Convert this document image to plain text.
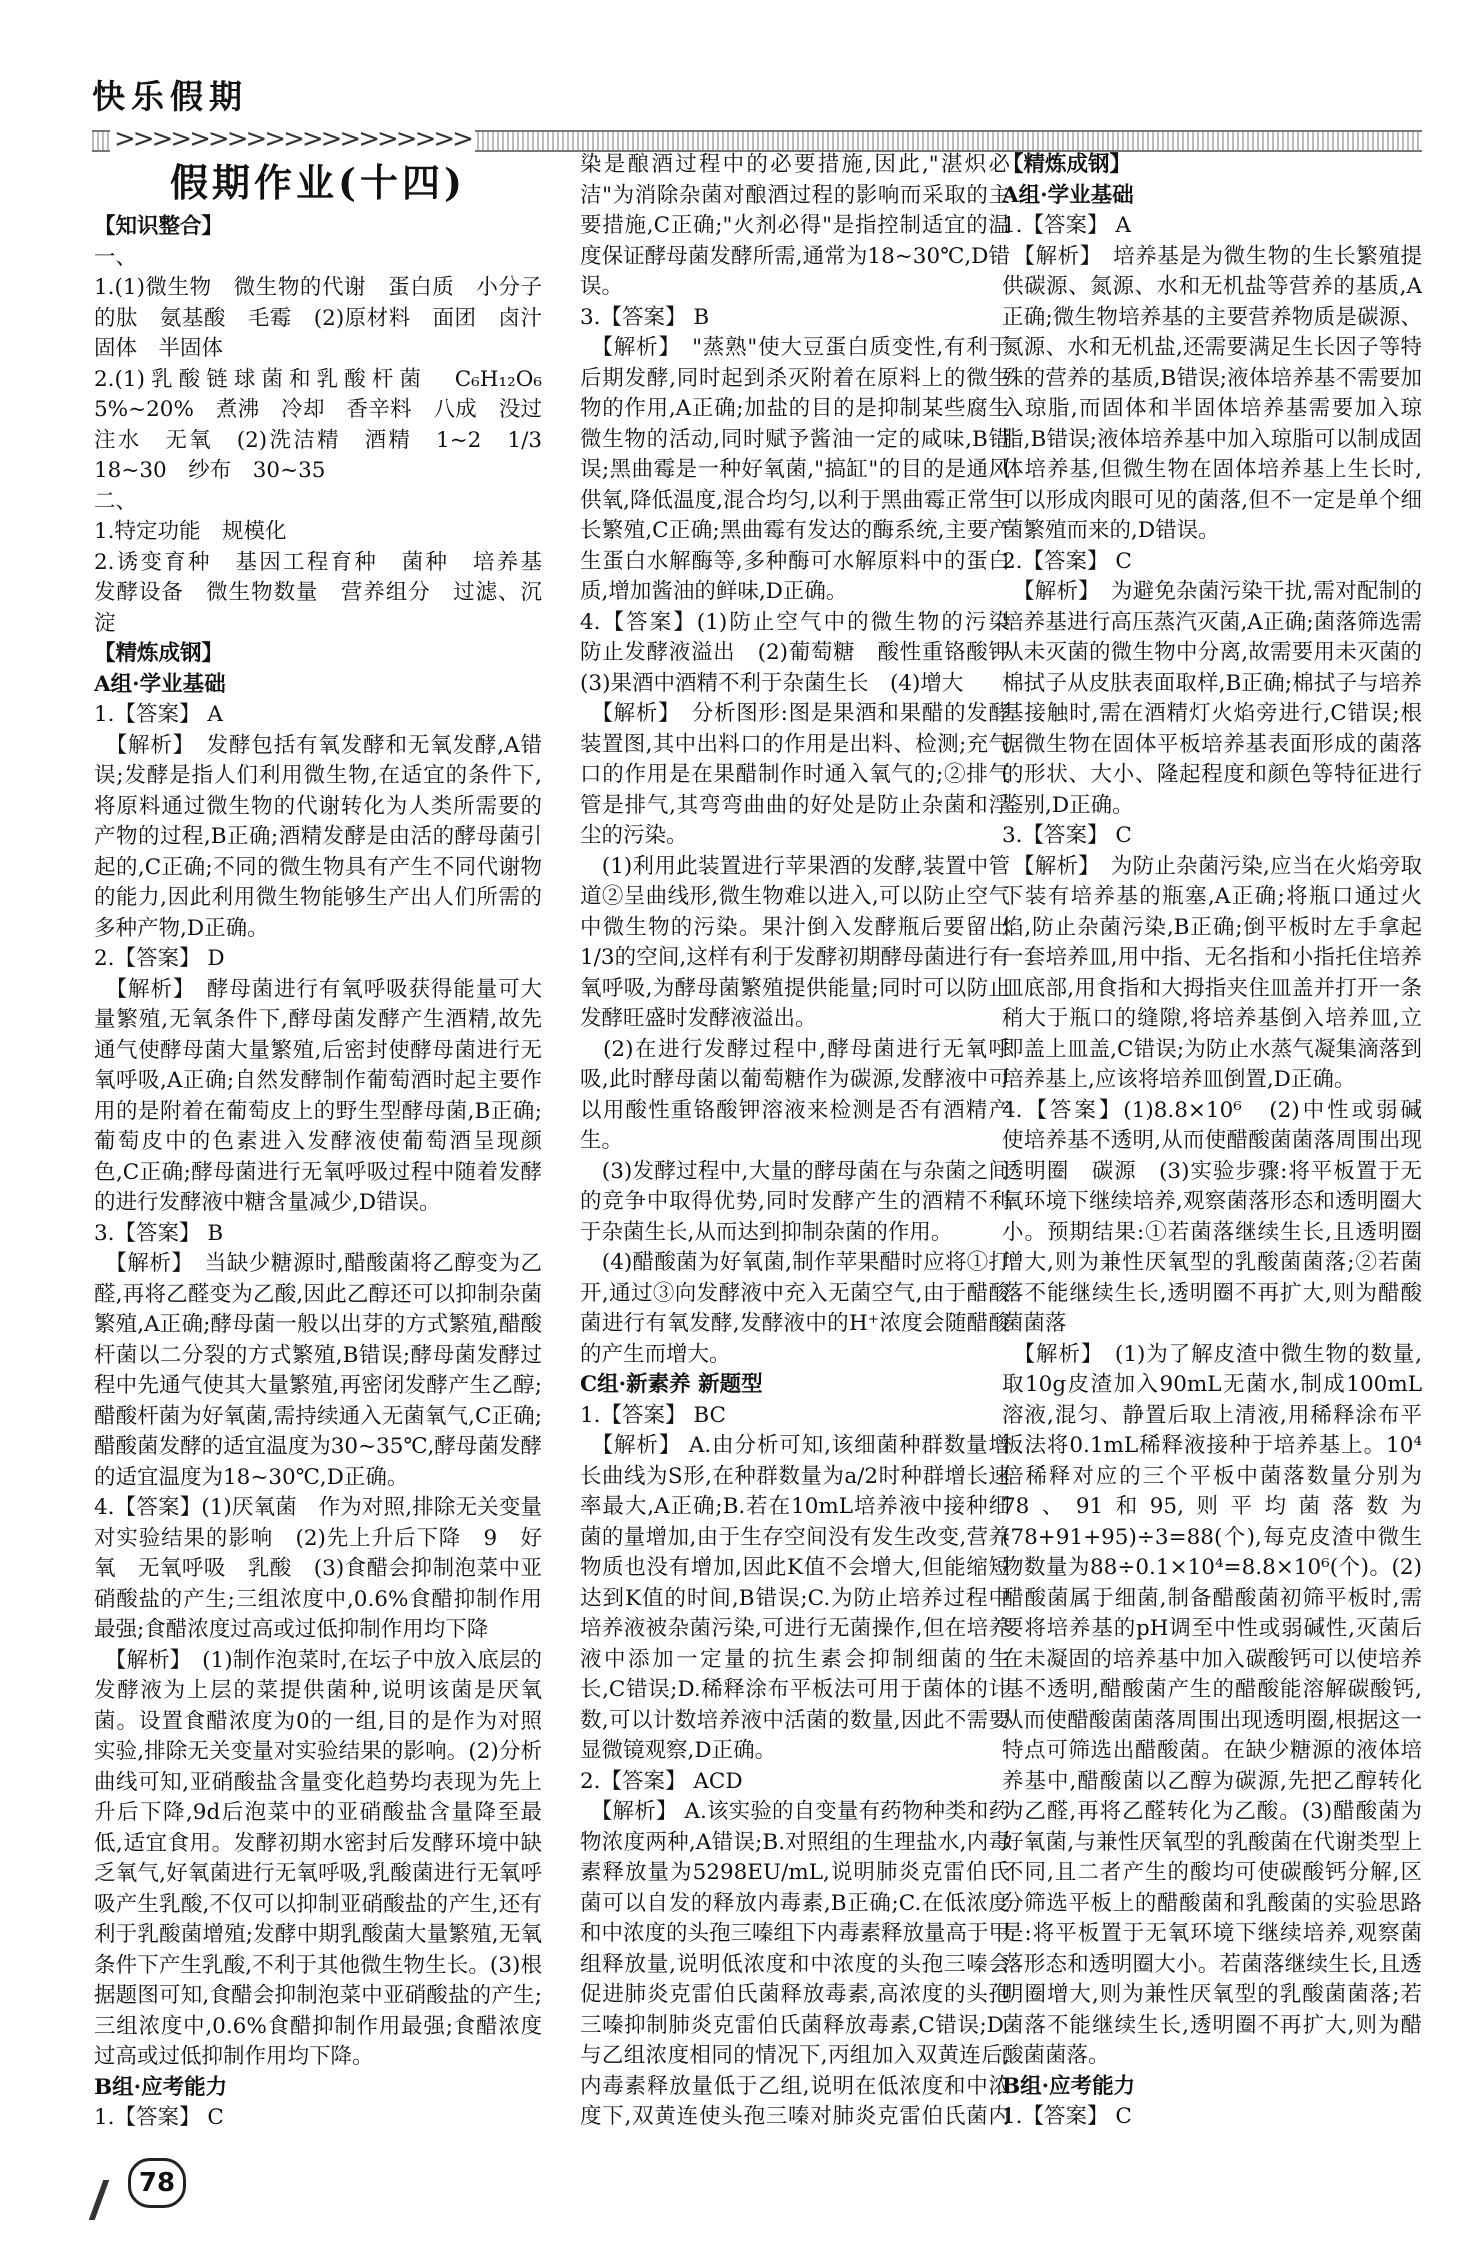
快乐假期
>>>>>>>>>>>>>>>>>>>

假期作业(十四)

【知识整合】

一、

1.(1)微生物　微生物的代谢　蛋白质　小分子的肽　氨基酸　毛霉　(2)原材料　面团　卤汁　固体　半固体

2.(1)乳酸链球菌和乳酸杆菌　C₆H₁₂O₆　5%~20%　煮沸　冷却　香辛料　八成　没过　注水　无氧　(2)洗洁精　酒精　1~2　1/3　18~30　纱布　30~35

二、

1.特定功能　规模化

2.诱变育种　基因工程育种　菌种　培养基　发酵设备　微生物数量　营养组分　过滤、沉淀

【精炼成钢】

A组·学业基础

1.【答案】 A

　【解析】　发酵包括有氧发酵和无氧发酵,A错误;发酵是指人们利用微生物,在适宜的条件下,将原料通过微生物的代谢转化为人类所需要的产物的过程,B正确;酒精发酵是由活的酵母菌引起的,C正确;不同的微生物具有产生不同代谢物的能力,因此利用微生物能够生产出人们所需的多种产物,D正确。

2.【答案】 D

　【解析】　酵母菌进行有氧呼吸获得能量可大量繁殖,无氧条件下,酵母菌发酵产生酒精,故先通气使酵母菌大量繁殖,后密封使酵母菌进行无氧呼吸,A正确;自然发酵制作葡萄酒时起主要作用的是附着在葡萄皮上的野生型酵母菌,B正确;葡萄皮中的色素进入发酵液使葡萄酒呈现颜色,C正确;酵母菌进行无氧呼吸过程中随着发酵的进行发酵液中糖含量减少,D错误。

3.【答案】 B

　【解析】　当缺少糖源时,醋酸菌将乙醇变为乙醛,再将乙醛变为乙酸,因此乙醇还可以抑制杂菌繁殖,A正确;酵母菌一般以出芽的方式繁殖,醋酸杆菌以二分裂的方式繁殖,B错误;酵母菌发酵过程中先通气使其大量繁殖,再密闭发酵产生乙醇;醋酸杆菌为好氧菌,需持续通入无菌氧气,C正确;醋酸菌发酵的适宜温度为30~35℃,酵母菌发酵的适宜温度为18~30℃,D正确。

4.【答案】(1)厌氧菌　作为对照,排除无关变量对实验结果的影响　(2)先上升后下降　9　好氧　无氧呼吸　乳酸　(3)食醋会抑制泡菜中亚硝酸盐的产生;三组浓度中,0.6%食醋抑制作用最强;食醋浓度过高或过低抑制作用均下降

　【解析】　(1)制作泡菜时,在坛子中放入底层的发酵液为上层的菜提供菌种,说明该菌是厌氧菌。设置食醋浓度为0的一组,目的是作为对照实验,排除无关变量对实验结果的影响。(2)分析曲线可知,亚硝酸盐含量变化趋势均表现为先上升后下降,9d后泡菜中的亚硝酸盐含量降至最低,适宜食用。发酵初期水密封后发酵环境中缺乏氧气,好氧菌进行无氧呼吸,乳酸菌进行无氧呼吸产生乳酸,不仅可以抑制亚硝酸盐的产生,还有利于乳酸菌增殖;发酵中期乳酸菌大量繁殖,无氧条件下产生乳酸,不利于其他微生物生长。(3)根据题图可知,食醋会抑制泡菜中亚硝酸盐的产生;三组浓度中,0.6%食醋抑制作用最强;食醋浓度过高或过低抑制作用均下降。

B组·应考能力

1.【答案】 C

染是酿酒过程中的必要措施,因此,"湛炽必洁"为消除杂菌对酿酒过程的影响而采取的主要措施,C正确;"火剂必得"是指控制适宜的温度保证酵母菌发酵所需,通常为18~30℃,D错误。

3.【答案】 B

　【解析】　"蒸熟"使大豆蛋白质变性,有利于后期发酵,同时起到杀灭附着在原料上的微生物的作用,A正确;加盐的目的是抑制某些腐生微生物的活动,同时赋予酱油一定的咸味,B错误;黑曲霉是一种好氧菌,"搞缸"的目的是通风供氧,降低温度,混合均匀,以利于黑曲霉正常生长繁殖,C正确;黑曲霉有发达的酶系统,主要产生蛋白水解酶等,多种酶可水解原料中的蛋白质,增加酱油的鲜味,D正确。

4.【答案】(1)防止空气中的微生物的污染　防止发酵液溢出　(2)葡萄糖　酸性重铬酸钾　(3)果酒中酒精不利于杂菌生长　(4)增大

　【解析】　分析图形:图是果酒和果醋的发酵装置图,其中出料口的作用是出料、检测;充气口的作用是在果醋制作时通入氧气的;②排气管是排气,其弯弯曲曲的好处是防止杂菌和浮尘的污染。

　(1)利用此装置进行苹果酒的发酵,装置中管道②呈曲线形,微生物难以进入,可以防止空气中微生物的污染。果汁倒入发酵瓶后要留出1/3的空间,这样有利于发酵初期酵母菌进行有氧呼吸,为酵母菌繁殖提供能量;同时可以防止发酵旺盛时发酵液溢出。

　(2)在进行发酵过程中,酵母菌进行无氧呼吸,此时酵母菌以葡萄糖作为碳源,发酵液中可以用酸性重铬酸钾溶液来检测是否有酒精产生。

　(3)发酵过程中,大量的酵母菌在与杂菌之间的竞争中取得优势,同时发酵产生的酒精不利于杂菌生长,从而达到抑制杂菌的作用。

　(4)醋酸菌为好氧菌,制作苹果醋时应将①打开,通过③向发酵液中充入无菌空气,由于醋酸菌进行有氧发酵,发酵液中的H⁺浓度会随醋酸的产生而增大。

C组·新素养 新题型

1.【答案】 BC

　【解析】 A.由分析可知,该细菌种群数量增长曲线为S形,在种群数量为a/2时种群增长速率最大,A正确;B.若在10mL培养液中接种细菌的量增加,由于生存空间没有发生改变,营养物质也没有增加,因此K值不会增大,但能缩短达到K值的时间,B错误;C.为防止培养过程中培养液被杂菌污染,可进行无菌操作,但在培养液中添加一定量的抗生素会抑制细菌的生长,C错误;D.稀释涂布平板法可用于菌体的计数,可以计数培养液中活菌的数量,因此不需要显微镜观察,D正确。

2.【答案】 ACD

　【解析】 A.该实验的自变量有药物种类和药物浓度两种,A错误;B.对照组的生理盐水,内毒素释放量为5298EU/mL,说明肺炎克雷伯氏菌可以自发的释放内毒素,B正确;C.在低浓度和中浓度的头孢三嗪组下内毒素释放量高于甲组释放量,说明低浓度和中浓度的头孢三嗪会促进肺炎克雷伯氏菌释放毒素,高浓度的头孢三嗪抑制肺炎克雷伯氏菌释放毒素,C错误;D.与乙组浓度相同的情况下,丙组加入双黄连后,内毒素释放量低于乙组,说明在低浓度和中浓度下,双黄连使头孢三嗪对肺炎克雷伯氏菌内

【精炼成钢】

A组·学业基础

1.【答案】 A

　【解析】　培养基是为微生物的生长繁殖提供碳源、氮源、水和无机盐等营养的基质,A正确;微生物培养基的主要营养物质是碳源、氮源、水和无机盐,还需要满足生长因子等特殊的营养的基质,B错误;液体培养基不需要加入琼脂,而固体和半固体培养基需要加入琼脂,B错误;液体培养基中加入琼脂可以制成固体培养基,但微生物在固体培养基上生长时,可以形成肉眼可见的菌落,但不一定是单个细菌繁殖而来的,D错误。

2.【答案】 C

　【解析】　为避免杂菌污染干扰,需对配制的培养基进行高压蒸汽灭菌,A正确;菌落筛选需从未灭菌的微生物中分离,故需要用未灭菌的棉拭子从皮肤表面取样,B正确;棉拭子与培养基接触时,需在酒精灯火焰旁进行,C错误;根据微生物在固体平板培养基表面形成的菌落的形状、大小、隆起程度和颜色等特征进行鉴别,D正确。

3.【答案】 C

　【解析】　为防止杂菌污染,应当在火焰旁取下装有培养基的瓶塞,A正确;将瓶口通过火焰,防止杂菌污染,B正确;倒平板时左手拿起一套培养皿,用中指、无名指和小指托住培养皿底部,用食指和大拇指夹住皿盖并打开一条稍大于瓶口的缝隙,将培养基倒入培养皿,立即盖上皿盖,C错误;为防止水蒸气凝集滴落到培养基上,应该将培养皿倒置,D正确。

4.【答案】(1)8.8×10⁶　(2)中性或弱碱　使培养基不透明,从而使醋酸菌菌落周围出现透明圈　碳源　(3)实验步骤:将平板置于无氧环境下继续培养,观察菌落形态和透明圈大小。预期结果:①若菌落继续生长,且透明圈增大,则为兼性厌氧型的乳酸菌菌落;②若菌落不能继续生长,透明圈不再扩大,则为醋酸菌菌落

　【解析】　(1)为了解皮渣中微生物的数量,取10g皮渣加入90mL无菌水,制成100mL溶液,混匀、静置后取上清液,用稀释涂布平板法将0.1mL稀释液接种于培养基上。10⁴倍稀释对应的三个平板中菌落数量分别为78、91和95,则平均菌落数为(78+91+95)÷3=88(个),每克皮渣中微生物数量为88÷0.1×10⁴=8.8×10⁶(个)。(2)醋酸菌属于细菌,制备醋酸菌初筛平板时,需要将培养基的pH调至中性或弱碱性,灭菌后在未凝固的培养基中加入碳酸钙可以使培养基不透明,醋酸菌产生的醋酸能溶解碳酸钙,从而使醋酸菌菌落周围出现透明圈,根据这一特点可筛选出醋酸菌。在缺少糖源的液体培养基中,醋酸菌以乙醇为碳源,先把乙醇转化为乙醛,再将乙醛转化为乙酸。(3)醋酸菌为好氧菌,与兼性厌氧型的乳酸菌在代谢类型上不同,且二者产生的酸均可使碳酸钙分解,区分筛选平板上的醋酸菌和乳酸菌的实验思路是:将平板置于无氧环境下继续培养,观察菌落形态和透明圈大小。若菌落继续生长,且透明圈增大,则为兼性厌氧型的乳酸菌菌落;若菌落不能继续生长,透明圈不再扩大,则为醋酸菌菌落。

B组·应考能力

1.【答案】 C

78
